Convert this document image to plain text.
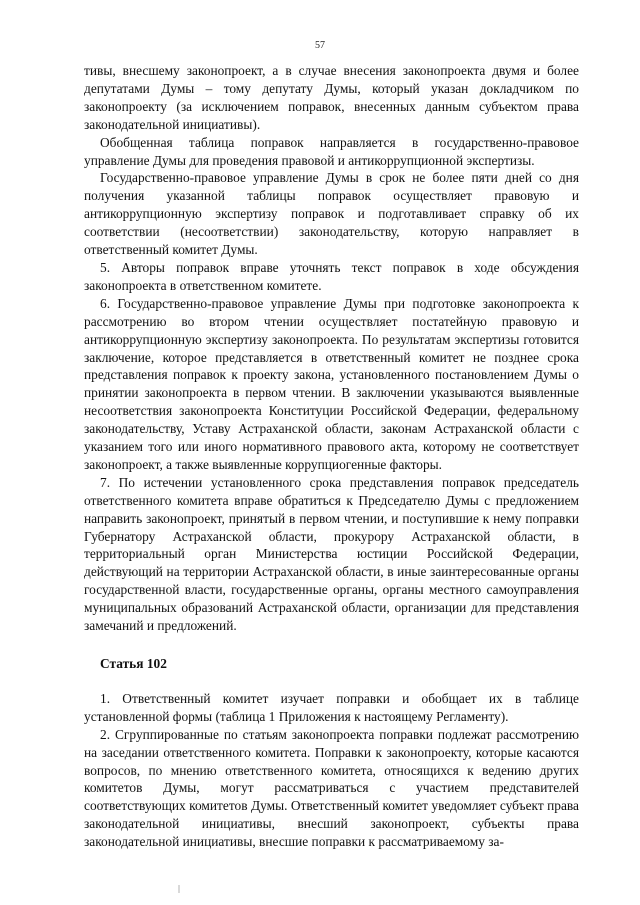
57

тивы, внесшему законопроект, а в случае внесения законопроекта двумя и более депутатами Думы – тому депутату Думы, который указан докладчиком по законопроекту (за исключением поправок, внесенных данным субъектом права законодательной инициативы).

Обобщенная таблица поправок направляется в государственно-правовое управление Думы для проведения правовой и антикоррупционной экспертизы.

Государственно-правовое управление Думы в срок не более пяти дней со дня получения указанной таблицы поправок осуществляет правовую и антикоррупционную экспертизу поправок и подготавливает справку об их соответствии (несоответствии) законодательству, которую направляет в ответственный комитет Думы.

5. Авторы поправок вправе уточнять текст поправок в ходе обсуждения законопроекта в ответственном комитете.

6. Государственно-правовое управление Думы при подготовке законопроекта к рассмотрению во втором чтении осуществляет постатейную правовую и антикоррупционную экспертизу законопроекта. По результатам экспертизы готовится заключение, которое представляется в ответственный комитет не позднее срока представления поправок к проекту закона, установленного постановлением Думы о принятии законопроекта в первом чтении. В заключении указываются выявленные несоответствия законопроекта Конституции Российской Федерации, федеральному законодательству, Уставу Астраханской области, законам Астраханской области с указанием того или иного нормативного правового акта, которому не соответствует законопроект, а также выявленные коррупциогенные факторы.

7. По истечении установленного срока представления поправок председатель ответственного комитета вправе обратиться к Председателю Думы с предложением направить законопроект, принятый в первом чтении, и поступившие к нему поправки Губернатору Астраханской области, прокурору Астраханской области, в территориальный орган Министерства юстиции Российской Федерации, действующий на территории Астраханской области, в иные заинтересованные органы государственной власти, государственные органы, органы местного самоуправления муниципальных образований Астраханской области, организации для представления замечаний и предложений.

Статья 102

1. Ответственный комитет изучает поправки и обобщает их в таблице установленной формы (таблица 1 Приложения к настоящему Регламенту).

2. Сгруппированные по статьям законопроекта поправки подлежат рассмотрению на заседании ответственного комитета. Поправки к законопроекту, которые касаются вопросов, по мнению ответственного комитета, относящихся к ведению других комитетов Думы, могут рассматриваться с участием представителей соответствующих комитетов Думы. Ответственный комитет уведомляет субъект права законодательной инициативы, внесший законопроект, субъекты права законодательной инициативы, внесшие поправки к рассматриваемому за-
